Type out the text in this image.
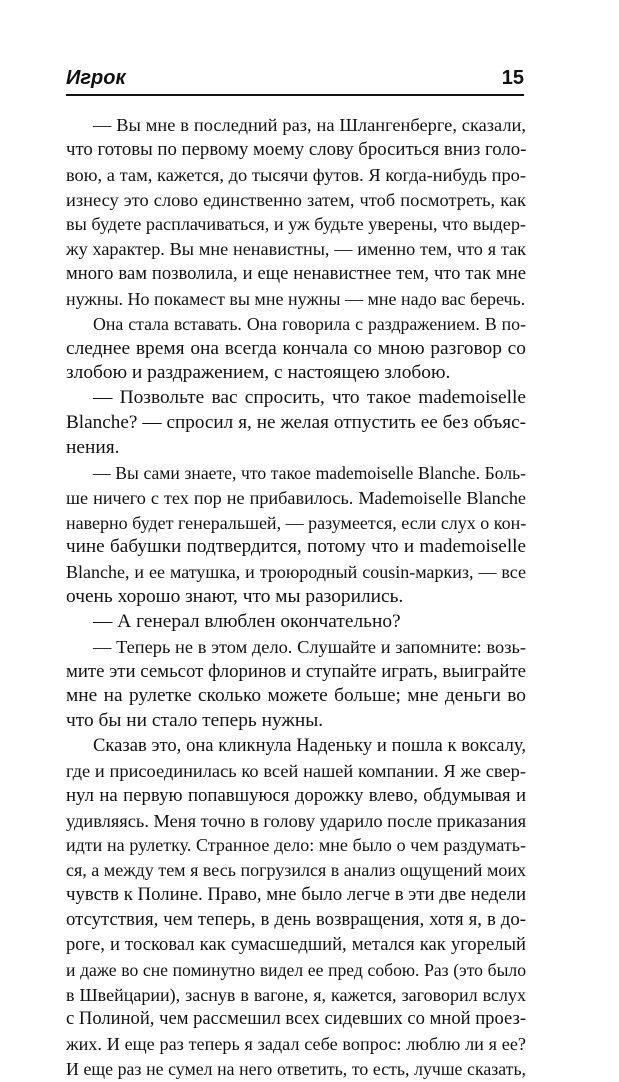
Игрок	15
— Вы мне в последний раз, на Шлангенберге, сказали,
что готовы по первому моему слову броситься вниз голо-
вою, а там, кажется, до тысячи футов. Я когда-нибудь про-
изнесу это слово единственно затем, чтоб посмотреть, как
вы будете расплачиваться, и уж будьте уверены, что выдер-
жу характер. Вы мне ненавистны, — именно тем, что я так
много вам позволила, и еще ненавистнее тем, что так мне
нужны. Но покамест вы мне нужны — мне надо вас беречь.
Она стала вставать. Она говорила с раздражением. В по-
следнее время она всегда кончала со мною разговор со
злобою и раздражением, с настоящею злобою.
— Позвольте вас спросить, что такое mademoiselle
Blanche? — спросил я, не желая отпустить ее без объяс-
нения.
— Вы сами знаете, что такое mademoiselle Blanche. Боль-
ше ничего с тех пор не прибавилось. Mademoiselle Blanche
наверно будет генеральшей, — разумеется, если слух о кон-
чине бабушки подтвердится, потому что и mademoiselle
Blanche, и ее матушка, и троюродный cousin-маркиз, — все
очень хорошо знают, что мы разорились.
— А генерал влюблен окончательно?
— Теперь не в этом дело. Слушайте и запомните: возь-
мите эти семьсот флоринов и ступайте играть, выиграйте
мне на рулетке сколько можете больше; мне деньги во
что бы ни стало теперь нужны.
Сказав это, она кликнула Наденьку и пошла к воксалу,
где и присоединилась ко всей нашей компании. Я же свер-
нул на первую попавшуюся дорожку влево, обдумывая и
удивляясь. Меня точно в голову ударило после приказания
идти на рулетку. Странное дело: мне было о чем раздумать-
ся, а между тем я весь погрузился в анализ ощущений моих
чувств к Полине. Право, мне было легче в эти две недели
отсутствия, чем теперь, в день возвращения, хотя я, в до-
роге, и тосковал как сумасшедший, метался как угорелый
и даже во сне поминутно видел ее пред собою. Раз (это было
в Швейцарии), заснув в вагоне, я, кажется, заговорил вслух
с Полиной, чем рассмешил всех сидевших со мной проез-
жих. И еще раз теперь я задал себе вопрос: люблю ли я ее?
И еще раз не сумел на него ответить, то есть, лучше сказать,
